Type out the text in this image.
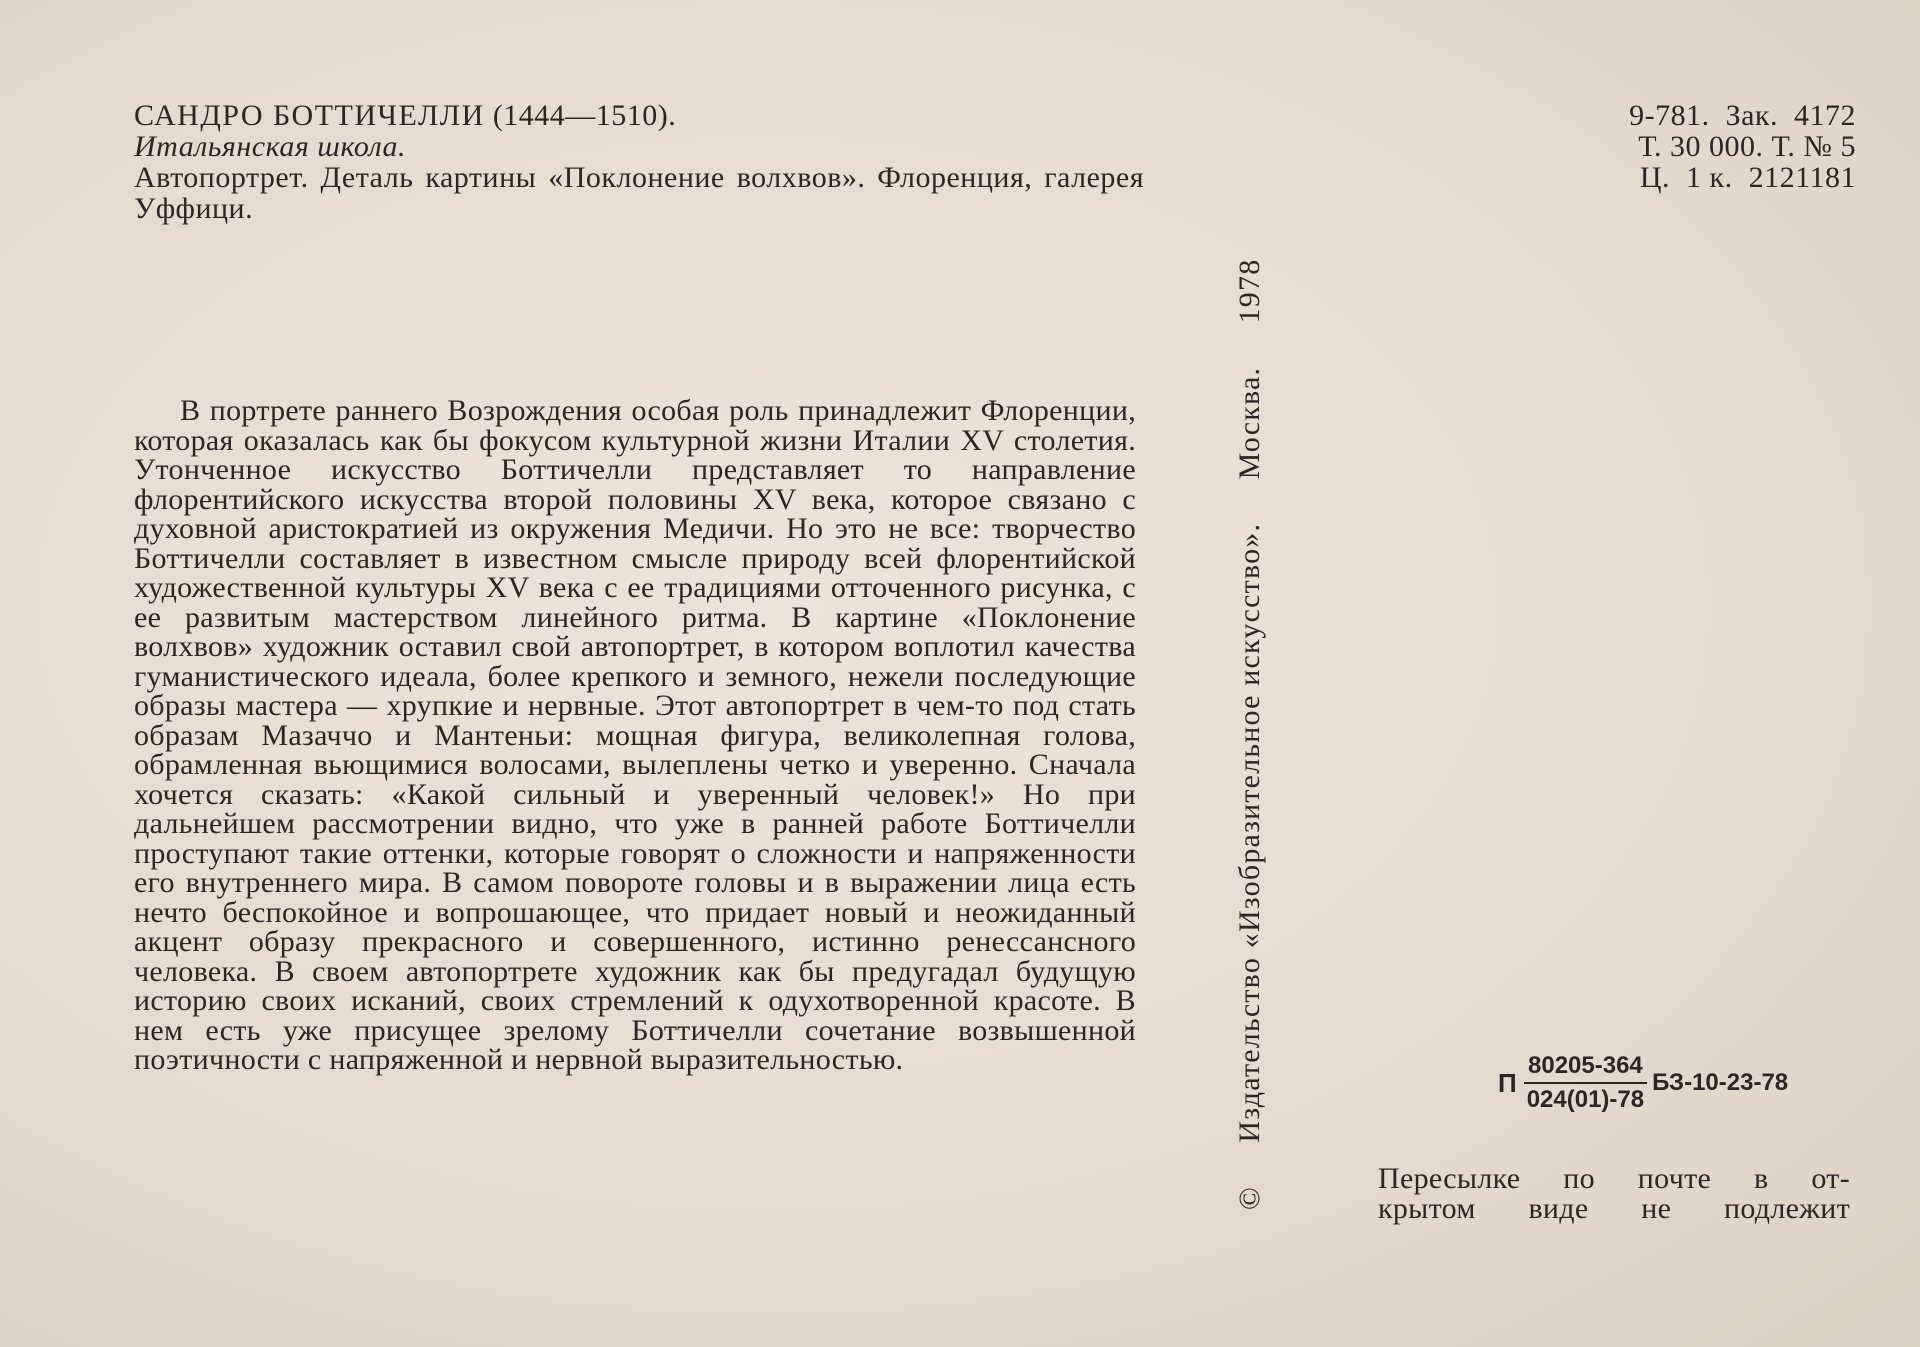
САНДРО БОТТИЧЕЛЛИ (1444—1510).
Итальянская школа.
Автопортрет. Деталь картины «Поклонение волхвов». Флоренция, галерея Уффици.
В портрете раннего Возрождения особая роль принадлежит Флоренции, которая оказалась как бы фокусом культурной жизни Италии XV столетия. Утонченное искусство Боттичелли представляет то направление флорентийского искусства второй половины XV века, которое связано с духовной аристократией из окружения Медичи. Но это не все: творчество Боттичелли составляет в известном смысле природу всей флорентийской художественной культуры XV века с ее традициями отточенного рисунка, с ее развитым мастерством линейного ритма. В картине «Поклонение волхвов» художник оставил свой автопортрет, в котором воплотил качества гуманистического идеала, более крепкого и земного, нежели последующие образы мастера — хрупкие и нервные. Этот автопортрет в чем-то под стать образам Мазаччо и Мантеньи: мощная фигура, великолепная голова, обрамленная вьющимися волосами, вылеплены четко и уверенно. Сначала хочется сказать: «Какой сильный и уверенный человек!» Но при дальнейшем рассмотрении видно, что уже в ранней работе Боттичелли проступают такие оттенки, которые говорят о сложности и напряженности его внутреннего мира. В самом повороте головы и в выражении лица есть нечто беспокойное и вопрошающее, что придает новый и неожиданный акцент образу прекрасного и совершенного, истинно ренессансного человека. В своем автопортрете художник как бы предугадал будущую историю своих исканий, своих стремлений к одухотворенной красоте. В нем есть уже присущее зрелому Боттичелли сочетание возвышенной поэтичности с напряженной и нервной выразительностью.
©  Издательство «Изобразительное искусство».  Москва.  1978
9-781.  Зак.  4172
Т. 30 000. Т. № 5
Ц.  1 к.  2121181
П $\frac{80205-364}{024(01)-78} БЗ-10-23-78$
Пересылке по почте в от-
крытом виде не подлежит
